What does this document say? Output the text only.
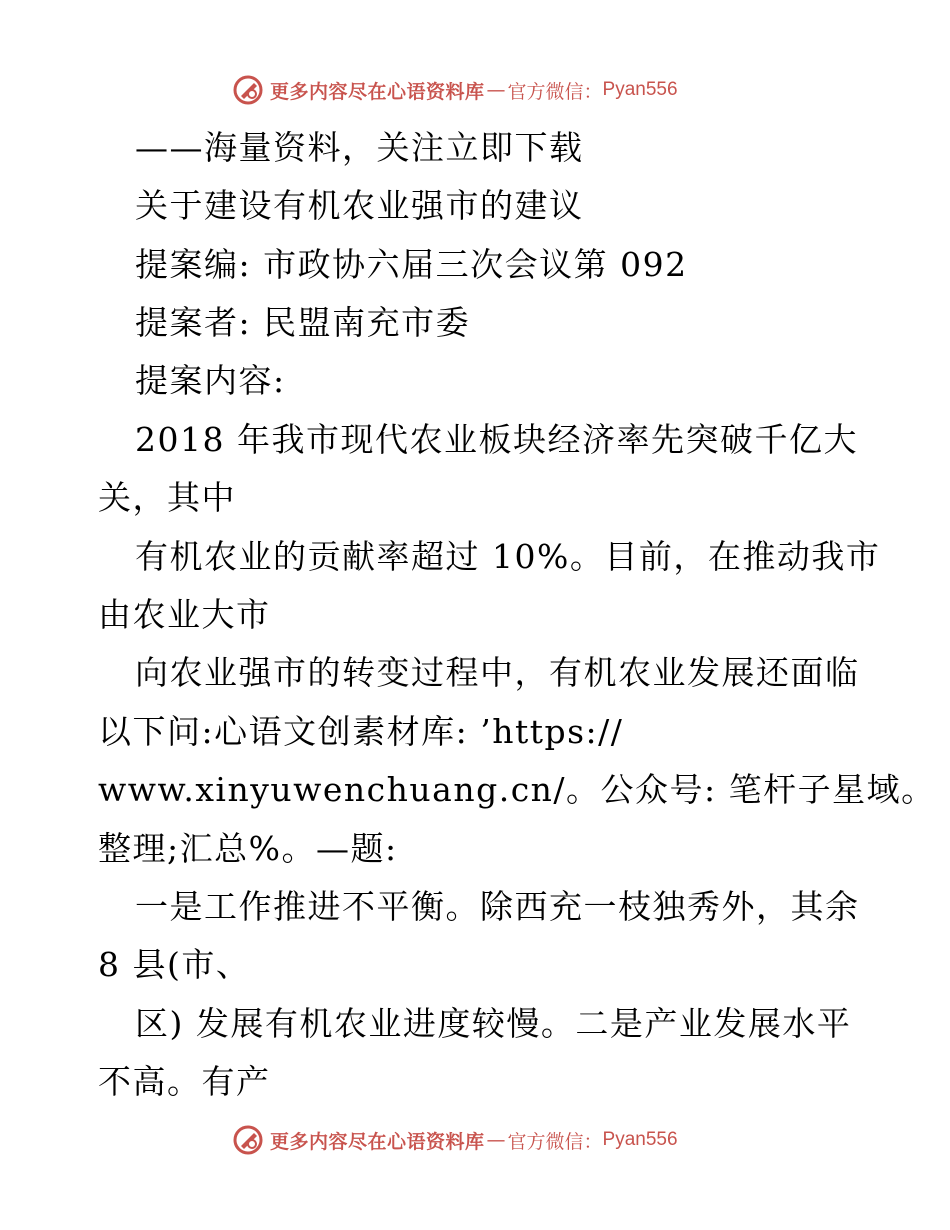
更多内容尽在心语资料库 — 官方微信： Pyan556
——海量资料，关注立即下载
关于建设有机农业强市的建议
提案编: 市政协六届三次会议第 092
提案者: 民盟南充市委
提案内容:
2018 年我市现代农业板块经济率先突破千亿大
关，其中
有机农业的贡献率超过 10%。目前，在推动我市
由农业大市
向农业强市的转变过程中，有机农业发展还面临
以下问:心语文创素材库: ’https://
www.xinyuwenchuang.cn/。公众号: 笔杆子星域。
整理;汇总%。—题:
一是工作推进不平衡。除西充一枝独秀外，其余
8 县(市、
区) 发展有机农业进度较慢。二是产业发展水平
不高。有产
更多内容尽在心语资料库 — 官方微信： Pyan556
